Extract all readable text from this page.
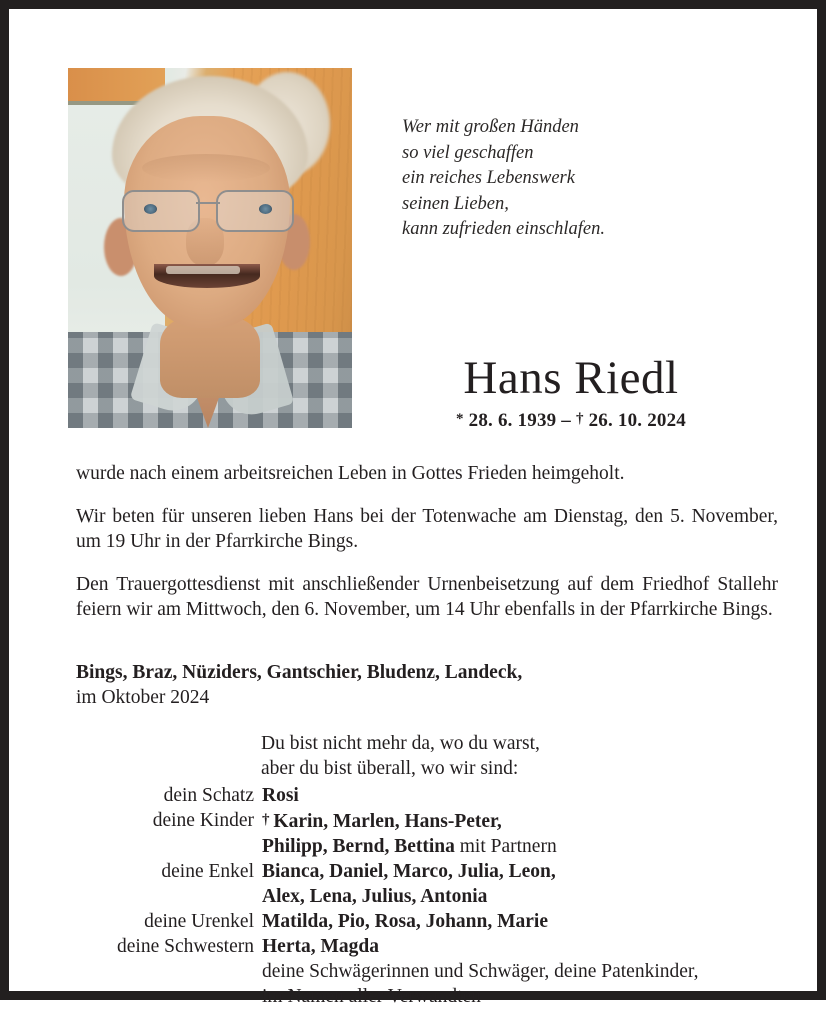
Wer mit großen Händen
so viel geschaffen
ein reiches Lebenswerk
seinen Lieben,
kann zufrieden einschlafen.
Hans Riedl
* 28. 6. 1939 – † 26. 10. 2024

wurde nach einem arbeitsreichen Leben in Gottes Frieden heimgeholt.

Wir beten für unseren lieben Hans bei der Totenwache am Dienstag, den 5. November, um 19 Uhr in der Pfarrkirche Bings.

Den Trauergottesdienst mit anschließender Urnenbeisetzung auf dem Friedhof Stallehr feiern wir am Mittwoch, den 6. November, um 14 Uhr ebenfalls in der Pfarrkirche Bings.

Bings, Braz, Nüziders, Gantschier, Bludenz, Landeck,
im Oktober 2024
Du bist nicht mehr da, wo du warst,
aber du bist überall, wo wir sind:
dein Schatz	Rosi
deine Kinder	†  Karin, Marlen, Hans-Peter,
	Philipp, Bernd, Bettina mit Partnern
deine Enkel	Bianca, Daniel, Marco, Julia, Leon,
	Alex, Lena, Julius, Antonia
deine Urenkel	Matilda, Pio, Rosa, Johann, Marie
deine Schwestern	Herta, Magda
	deine Schwägerinnen und Schwäger, deine Patenkinder,
	im Namen aller Verwandten
